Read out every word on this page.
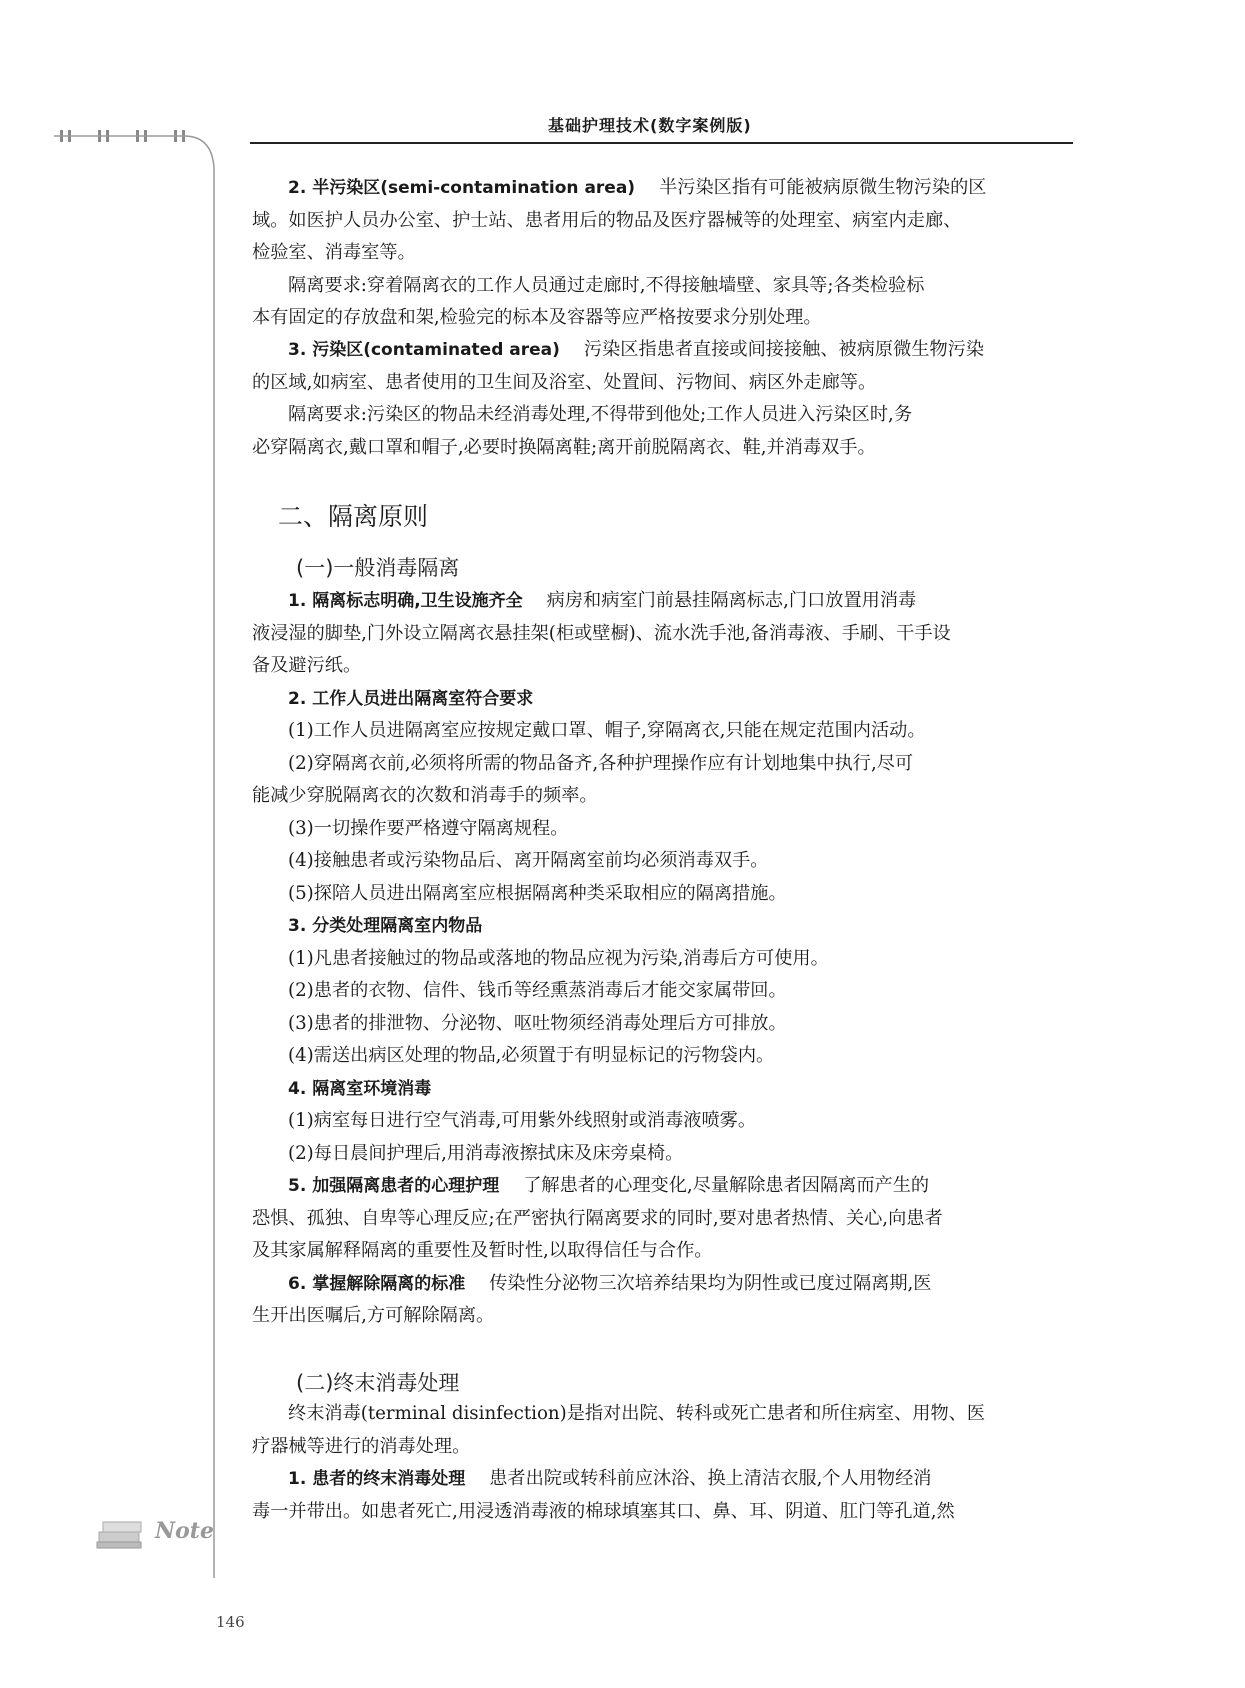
基础护理技术(数字案例版)
Note
146
2. 半污染区(semi-contamination area)　 半污染区指有可能被病原微生物污染的区
域。如医护人员办公室、护士站、患者用后的物品及医疗器械等的处理室、病室内走廊、
检验室、消毒室等。
隔离要求:穿着隔离衣的工作人员通过走廊时,不得接触墙壁、家具等;各类检验标
本有固定的存放盘和架,检验完的标本及容器等应严格按要求分别处理。
3. 污染区(contaminated area)　 污染区指患者直接或间接接触、被病原微生物污染
的区域,如病室、患者使用的卫生间及浴室、处置间、污物间、病区外走廊等。
隔离要求:污染区的物品未经消毒处理,不得带到他处;工作人员进入污染区时,务
必穿隔离衣,戴口罩和帽子,必要时换隔离鞋;离开前脱隔离衣、鞋,并消毒双手。
二、隔离原则
(一)一般消毒隔离
1. 隔离标志明确,卫生设施齐全　 病房和病室门前悬挂隔离标志,门口放置用消毒
液浸湿的脚垫,门外设立隔离衣悬挂架(柜或壁橱)、流水洗手池,备消毒液、手刷、干手设
备及避污纸。
2. 工作人员进出隔离室符合要求
(1)工作人员进隔离室应按规定戴口罩、帽子,穿隔离衣,只能在规定范围内活动。
(2)穿隔离衣前,必须将所需的物品备齐,各种护理操作应有计划地集中执行,尽可
能减少穿脱隔离衣的次数和消毒手的频率。
(3)一切操作要严格遵守隔离规程。
(4)接触患者或污染物品后、离开隔离室前均必须消毒双手。
(5)探陪人员进出隔离室应根据隔离种类采取相应的隔离措施。
3. 分类处理隔离室内物品
(1)凡患者接触过的物品或落地的物品应视为污染,消毒后方可使用。
(2)患者的衣物、信件、钱币等经熏蒸消毒后才能交家属带回。
(3)患者的排泄物、分泌物、呕吐物须经消毒处理后方可排放。
(4)需送出病区处理的物品,必须置于有明显标记的污物袋内。
4. 隔离室环境消毒
(1)病室每日进行空气消毒,可用紫外线照射或消毒液喷雾。
(2)每日晨间护理后,用消毒液擦拭床及床旁桌椅。
5. 加强隔离患者的心理护理　 了解患者的心理变化,尽量解除患者因隔离而产生的
恐惧、孤独、自卑等心理反应;在严密执行隔离要求的同时,要对患者热情、关心,向患者
及其家属解释隔离的重要性及暂时性,以取得信任与合作。
6. 掌握解除隔离的标准　 传染性分泌物三次培养结果均为阴性或已度过隔离期,医
生开出医嘱后,方可解除隔离。
(二)终末消毒处理
终末消毒(terminal disinfection)是指对出院、转科或死亡患者和所住病室、用物、医
疗器械等进行的消毒处理。
1. 患者的终末消毒处理　 患者出院或转科前应沐浴、换上清洁衣服,个人用物经消
毒一并带出。如患者死亡,用浸透消毒液的棉球填塞其口、鼻、耳、阴道、肛门等孔道,然
